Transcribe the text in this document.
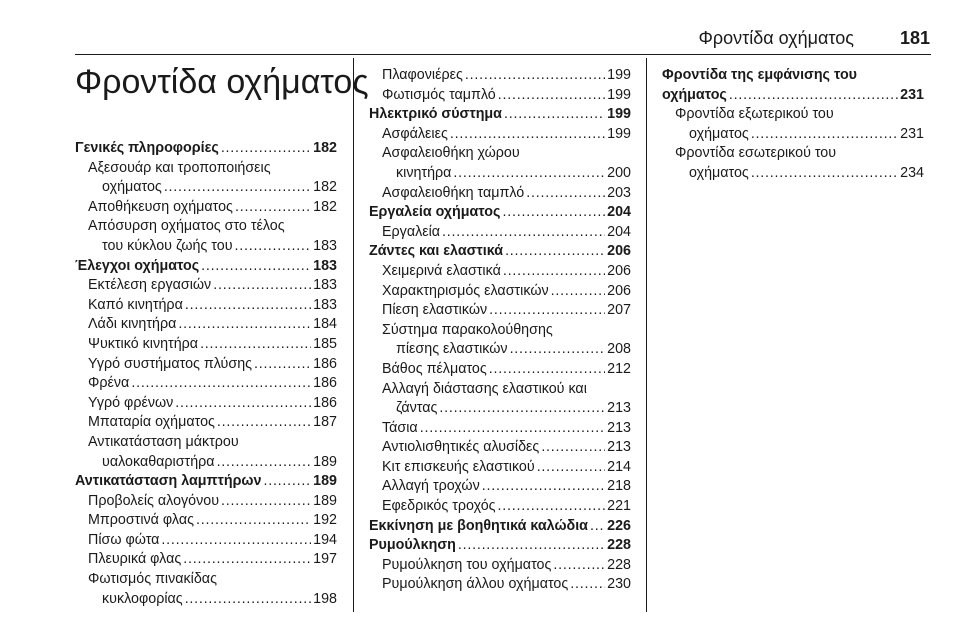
Φροντίδα οχήματος	181
Φροντίδα οχήματος
Γενικές πληροφορίες . . .	182
Αξεσουάρ και τροποποιήσεις
οχήματος . . .	182
Αποθήκευση οχήματος . . .	182
Απόσυρση οχήματος στο τέλος
του κύκλου ζωής του . . .	183
Έλεγχοι οχήματος . . .	183
Εκτέλεση εργασιών . . .	183
Καπό κινητήρα . . .	183
Λάδι κινητήρα . . .	184
Ψυκτικό κινητήρα . . .	185
Υγρό συστήματος πλύσης . . .	186
Φρένα . . .	186
Υγρό φρένων . . .	186
Μπαταρία οχήματος . . .	187
Αντικατάσταση μάκτρου
υαλοκαθαριστήρα . . .	189
Αντικατάσταση λαμπτήρων . . .	189
Προβολείς αλογόνου . . .	189
Μπροστινά φλας . . .	192
Πίσω φώτα . . .	194
Πλευρικά φλας . . .	197
Φωτισμός πινακίδας
κυκλοφορίας . . .	198
Πλαφονιέρες . . .	199
Φωτισμός ταμπλό . . .	199
Ηλεκτρικό σύστημα . . .	199
Ασφάλειες . . .	199
Ασφαλειοθήκη χώρου
κινητήρα . . .	200
Ασφαλειοθήκη ταμπλό . . .	203
Εργαλεία οχήματος . . .	204
Εργαλεία . . .	204
Ζάντες και ελαστικά . . .	206
Χειμερινά ελαστικά . . .	206
Χαρακτηρισμός ελαστικών . . .	206
Πίεση ελαστικών . . .	207
Σύστημα παρακολούθησης
πίεσης ελαστικών . . .	208
Βάθος πέλματος . . .	212
Αλλαγή διάστασης ελαστικού και
ζάντας . . .	213
Τάσια . . .	213
Αντιολισθητικές αλυσίδες . . .	213
Κιτ επισκευής ελαστικού . . .	214
Αλλαγή τροχών . . .	218
Εφεδρικός τροχός . . .	221
Εκκίνηση με βοηθητικά καλώδια . . . 226
Ρυμούλκηση . . .	228
Ρυμούλκηση του οχήματος . . .	228
Ρυμούλκηση άλλου οχήματος . . .	230
Φροντίδα της εμφάνισης του
οχήματος . . .	231
Φροντίδα εξωτερικού του
οχήματος . . .	231
Φροντίδα εσωτερικού του
οχήματος . . .	234
